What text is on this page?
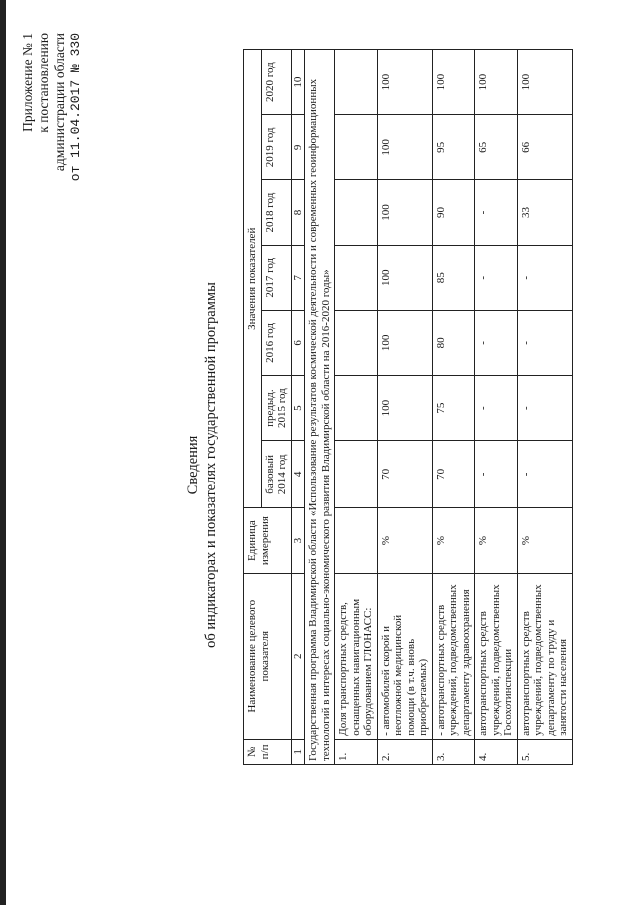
Приложение № 1 к постановлению администрации области от 11.04.2017 № 330
Сведения об индикаторах и показателях государственной программы
№ п/п	Наименование целевого показателя	Единица измерения	Значения показателей						
			базовый 2014 год	предыд. 2015 год	2016 год	2017 год	2018 год	2019 год	2020 год
1	2	3	4	5	6	7	8	9	10
Государственная программа Владимирской области «Использование результатов космической деятельности и современных геоинформационных технологий в интересах социально-экономического развития Владимирской области на 2016-2020 годы»									
1.	Доля транспортных средств, оснащенных навигационным оборудованием ГЛОНАСС:								
2.	- автомобилей скорой и неотложной медицинской помощи (в т.ч. вновь приобретаемых)	%	70	100	100	100	100	100	100
3.	- автотранспортных средств учреждений, подведомственных департаменту здравоохранения	%	70	75	80	85	90	95	100
4.	автотранспортных средств учреждений, подведомственных Госохотинспекции	%	-	-	-	-	-	65	100
5.	автотранспортных средств учреждений, подведомственных департаменту по труду и занятости населения	%	-	-	-	-	33	66	100
